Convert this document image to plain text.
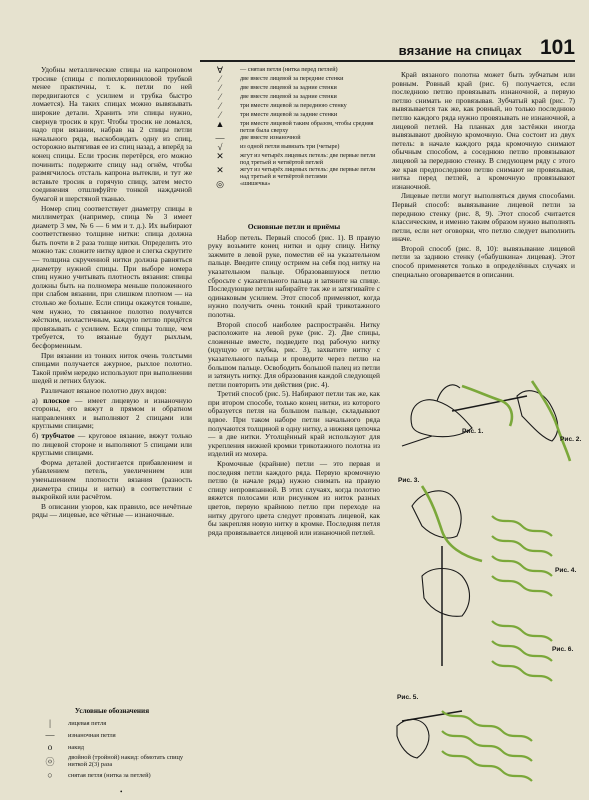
вязание на спицах 101

Удобны металлические спицы на капроновом тросике (спицы с полихлорвиниловой трубкой менее практичны, т. к. петли по ней передвигаются с усилием и трубка быстро ломается). На таких спицах можно вывязывать широкие детали. Хранить эти спицы нужно, свернув тросик в круг. Чтобы тросик не ломался, надо при вязании, набрав на 2 спицы петли начального ряда, выскобождать одну из спиц, осторожно вытягивая ее из спиц назад, а вперёд за конец спицы. Если тросик перетёрся, его можно починить: подержите спицу над огнём, чтобы размягчилось отсталь капрона вытекли, и тут же вставьте тросик в горячую спицу, затем место соединения отшлифуйте тонкой наждачной бумагой и шерстяной тканью.

Номер спиц соответствует диаметру спицы в миллиметрах (например, спица № 3 имеет диаметр 3 мм, № 6 — 6 мм и т. д.). Их выбирают соответственно толщине нитки: спица должна быть почти в 2 раза толще нитки. Определить это можно так: сложите нитку вдвое и слегка скрутите — толщина скрученной нитки должна равняться диаметру нужной спицы. При выборе номера спиц нужно учитывать плотность вязания: спицы должны быть на полномера меньше положенного при слабом вязании, при слишком плотном — на столько же больше. Если спицы окажутся тоньше, чем нужно, то связанное полотно получится жёстким, неэластичным, каждую петлю придётся провязывать с усилием. Если спицы толще, чем требуется, то вязаные будут рыхлым, бесформенным.

При вязании из тонких ниток очень толстыми спицами получается ажурное, рыхлое полотно. Такой приём нередко используют при выполнении шедей и летних блузок.

Различают вязаное полотно двух видов:

а) плоское — имеет лицевую и изнаночную стороны, его вяжут в прямом и обратном направлениях и выполняют 2 спицами или круглыми спицами;

б) трубчатое — круговое вязание, вяжут только по лицевой стороне и выполняют 5 спицами или круглыми спицами.

Форма деталей достигается прибавлением и убавлением петель, увеличением или уменьшением плотности вязания (разность диаметра спицы и нитки) в соответствии с выкройкой или расчётом.

В описании узоров, как правило, все нечётные ряды — лицевые, все чётные — изнаночные.

Условные обозначения
|	лицевая петля
—	изнаночная петля
o	накид
ⓞ	двойной (тройной) накид: обмотать спицу ниткой 2(3) раза
○	снятая петля (нитка за петлей)
∀	— снятая петля (нитка перед петлей)
⁄	две вместе лицевой за передние стенки
⁄	две вместе лицевой за задние стенки
⁄	две вместе лицевой за задние стенки
⁄	три вместе лицевой за переднюю стенку
⁄	три вместе лицевой за задние стенки
▲	три вместе лицевой таким образом, чтобы средняя петля была сверху
—	две вместе изнаночной
√	из одной петли вывязать три (четыре)
✕	жгут из четырёх лицевых петель: две первые петли под третьей и четвёртой петлей
✕	жгут из четырёх лицевых петель: две первые петли над третьей и четвёртой петлями
◎	«шишечка»
Основные петли и приёмы

Набор петель. Первый способ (рис. 1). В правую руку возьмите конец нитки и одну спицу. Нитку зажмите в левой руке, поместив её на указательном пальце. Введите спицу острием на себя под нитку на указательном пальце. Образовавшуюся петлю сбросьте с указательного пальца и затяните на спице. Последующие петли набирайте так же и затягивайте с одинаковым усилием. Этот способ применяют, когда нужно получить очень тонкий край трикотажного полотна.

Второй способ наиболее распространён. Нитку расположите на левой руке (рис. 2). Две спицы, сложенные вместе, подведите под рабочую нитку (идущую от клубка, рис. 3), захватите нитку с указательного пальца и проведите через петлю на большом пальце. Освободить большой палец из петли и затянуть нитку. Для образования каждой следующей петли повторить эти действия (рис. 4).

Третий способ (рис. 5). Набирают петли так же, как при втором способе, только конец нитки, из которого образуется петля на большом пальце, складывают вдвое. При таком наборе петли начального ряда получаются толщиной в одну нитку, а нижняя цепочка — в две нитки. Утолщённый край используют для укрепления нижней кромки трикотажного полотна из изделий из мохера.

Кромочные (крайние) петли — это первая и последняя петли каждого ряда. Первую кромочную петлю (в начале ряда) нужно снимать на правую спицу непровязанной. В этих случаях, когда полотно вяжется полосами или рисунком из ниток разных цветов, первую крайнюю петлю при переходе на нитку другого цвета следует провязать лицевой, как бы закрепляя новую нитку в кромке. Последняя петля ряда провязывается лицевой или изнаночной петлей.

Край вязаного полотна может быть зубчатым или ровным. Ровный край (рис. 6) получается, если последнюю петлю провязывать изнаночной, а первую петлю снимать не провязывая. Зубчатый край (рис. 7) вывязывается так же, как ровный, но только последнюю петлю каждого ряда нужно провязывать не изнаночной, а лицевой петлей. На планках для застёжки иногда вывязывают двойную кромочную. Она состоит из двух петель: в начале каждого ряда кромочную снимают обычным способом, а соседнюю петлю провязывают лицевой за переднюю стенку. В следующем ряду с этого же края предпоследнюю петлю снимают не провязывая, нитка перед петлей, а кромочную провязывают изнаночной.

Лицевые петли могут выполняться двумя способами. Первый способ: вывязывание лицевой петли за переднюю стенку (рис. 8, 9). Этот способ считается классическим, и именно таким образом нужно выполнять петли, если нет оговорки, что петлю следует выполнить иначе.

Второй способ (рис. 8, 10): вывязывание лицевой петли за заднюю стенку («бабушкина» лицевая). Этот способ применяется только в определённых случаях и специально оговаривается в описании.

Рис. 1.
Рис. 2.
Рис. 3.
Рис. 4.
Рис. 6.
Рис. 5.
•
